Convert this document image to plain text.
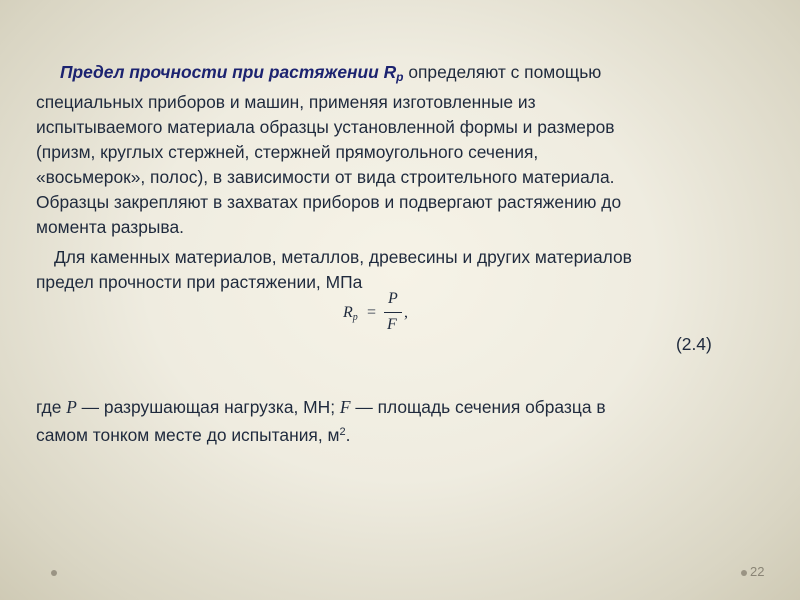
Предел прочности при растяжении $R_p$ определяют с помощью
специальных приборов и машин, применяя изготовленные из
испытываемого материала образцы установленной формы и размеров
(призм, круглых стержней, стержней прямоугольного сечения,
«восьмерок», полос), в зависимости от вида строительного материала.
Образцы закрепляют в захватах приборов и подвергают растяжению до
момента разрыва.
Для каменных материалов, металлов, древесины и других материалов
предел прочности при растяжении, МПа
$R_p$ =
P
F
,
(2.4)
где P — разрушающая нагрузка, МН; F — площадь сечения образца в
самом тонком месте до испытания, $м^2$.
22
